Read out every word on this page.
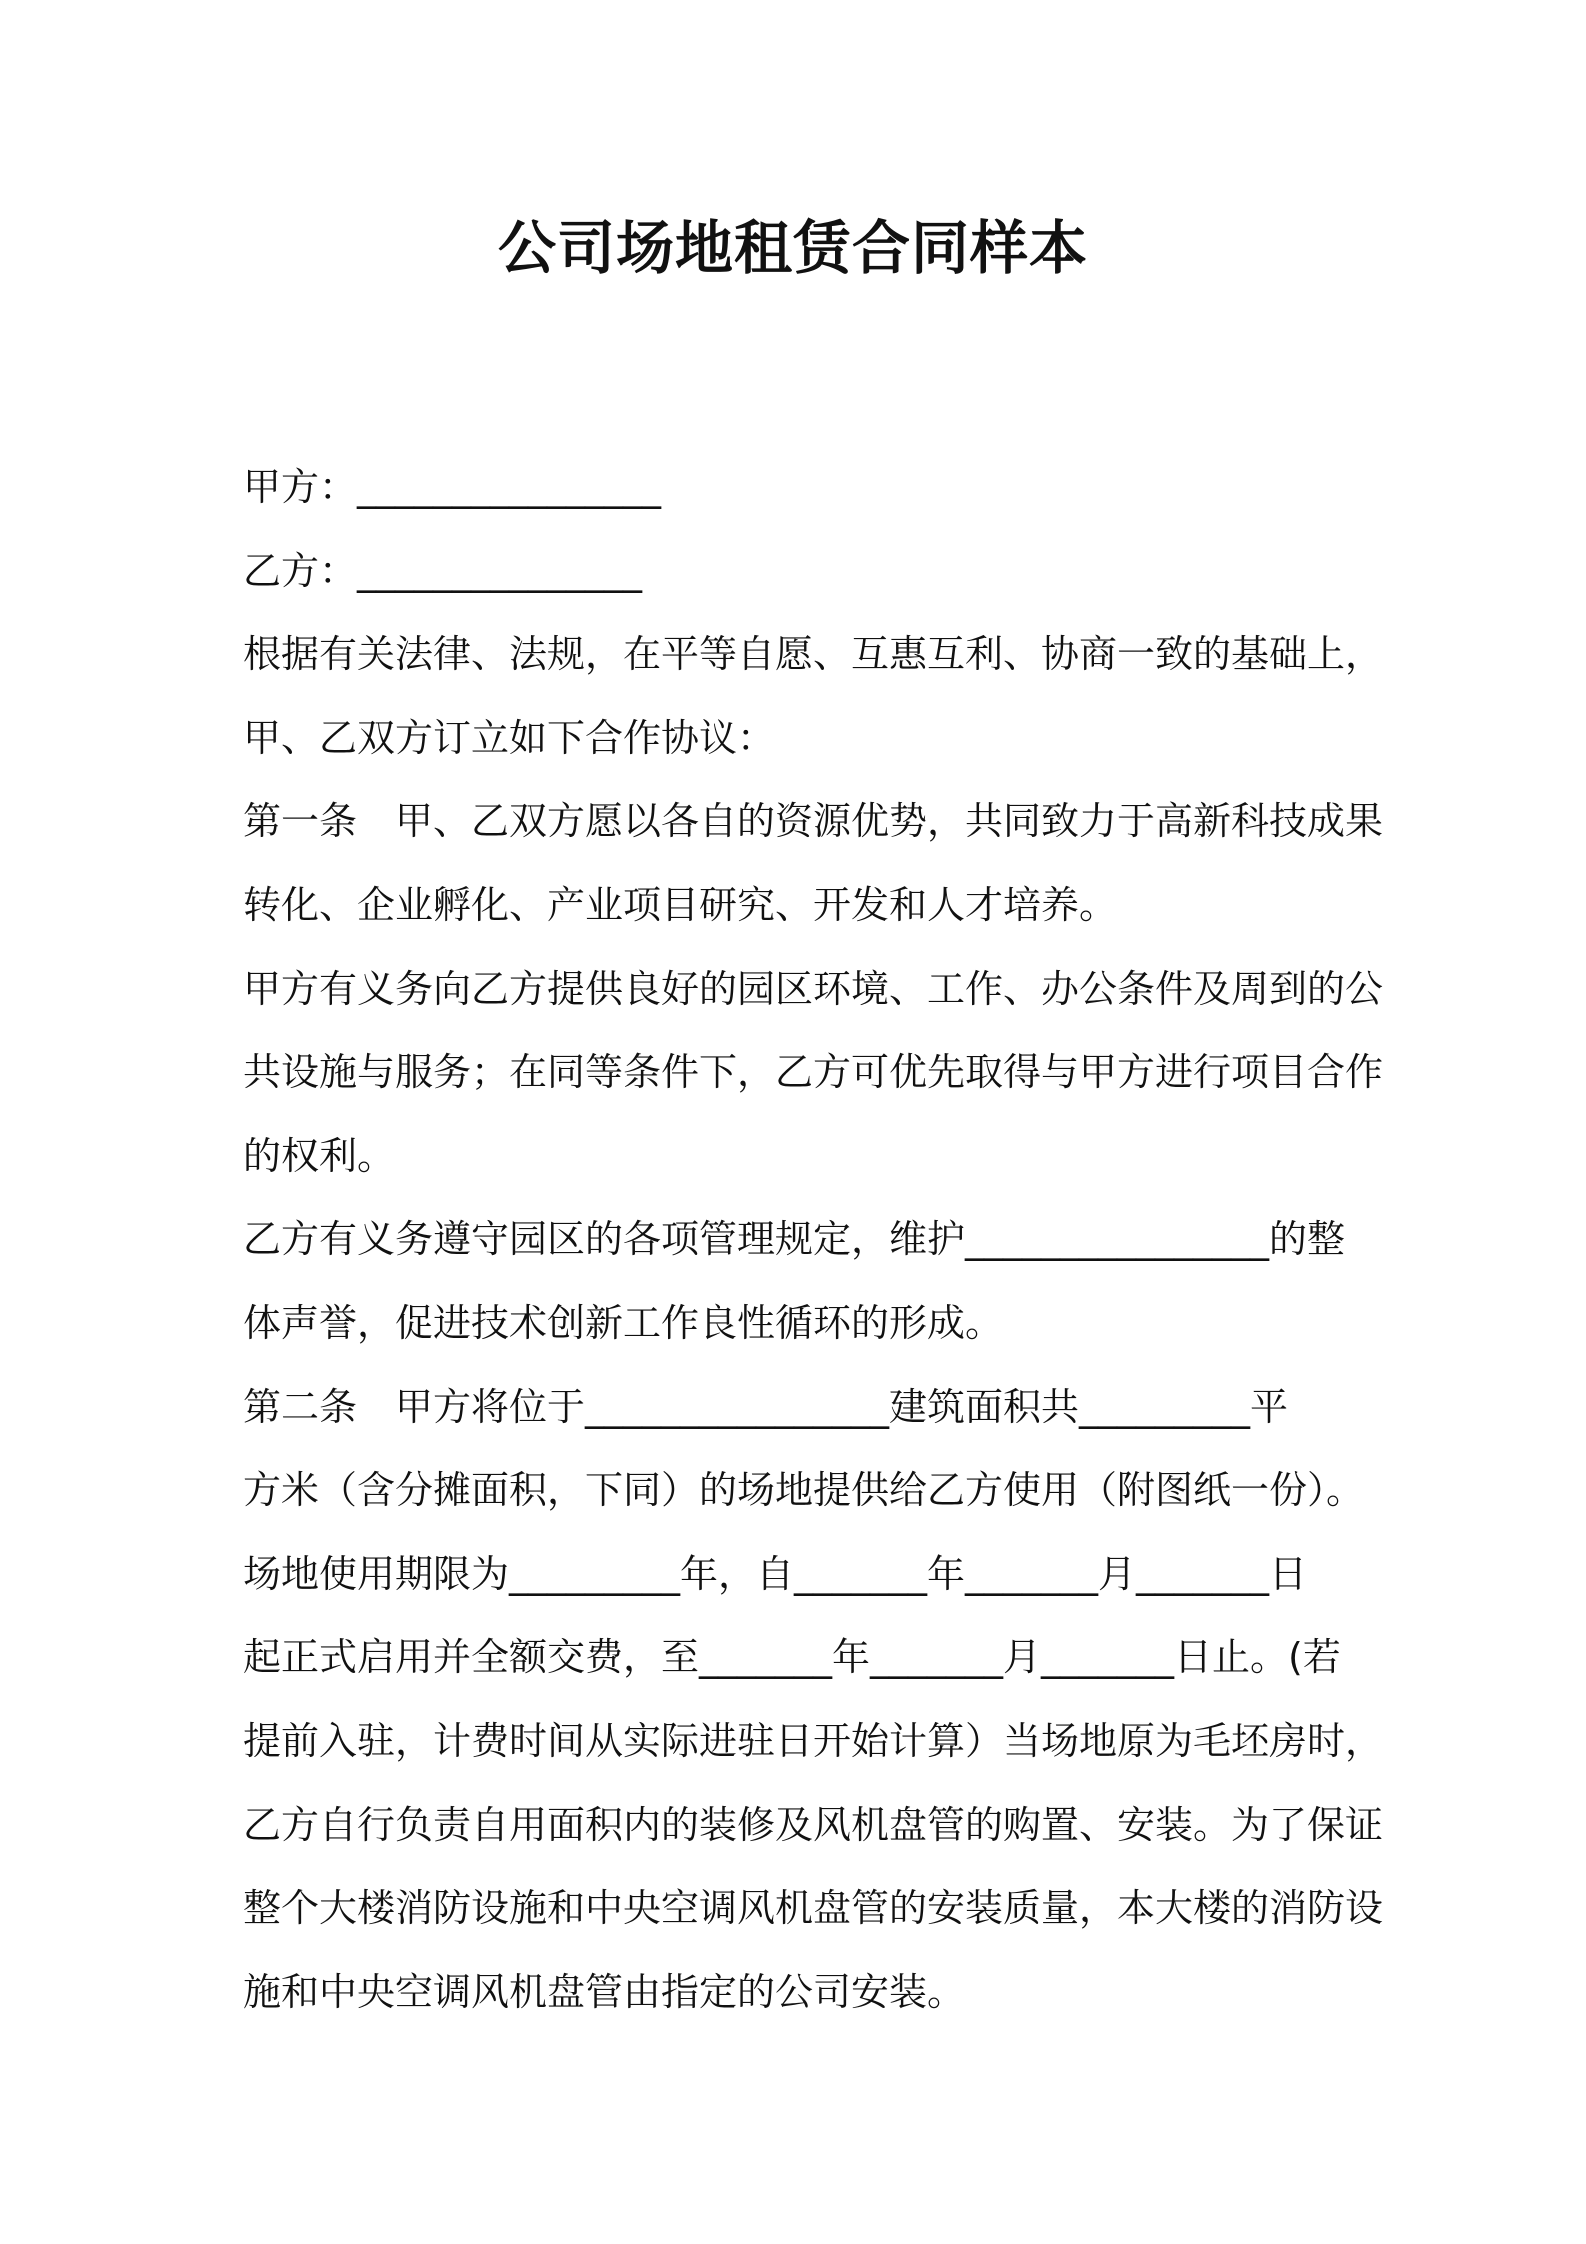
公司场地租赁合同样本
甲方：________________
乙方：_______________
根据有关法律、法规，在平等自愿、互惠互利、协商一致的基础上，
甲、乙双方订立如下合作协议：
第一条　甲、乙双方愿以各自的资源优势，共同致力于高新科技成果
转化、企业孵化、产业项目研究、开发和人才培养。
甲方有义务向乙方提供良好的园区环境、工作、办公条件及周到的公
共设施与服务；在同等条件下，乙方可优先取得与甲方进行项目合作
的权利。
乙方有义务遵守园区的各项管理规定，维护________________的整
体声誉，促进技术创新工作良性循环的形成。
第二条　甲方将位于________________建筑面积共_________平
方米（含分摊面积，下同）的场地提供给乙方使用（附图纸一份）。
场地使用期限为_________年，自_______年_______月_______日
起正式启用并全额交费，至_______年_______月_______日止。(若
提前入驻，计费时间从实际进驻日开始计算）当场地原为毛坯房时，
乙方自行负责自用面积内的装修及风机盘管的购置、安装。为了保证
整个大楼消防设施和中央空调风机盘管的安装质量，本大楼的消防设
施和中央空调风机盘管由指定的公司安装。
